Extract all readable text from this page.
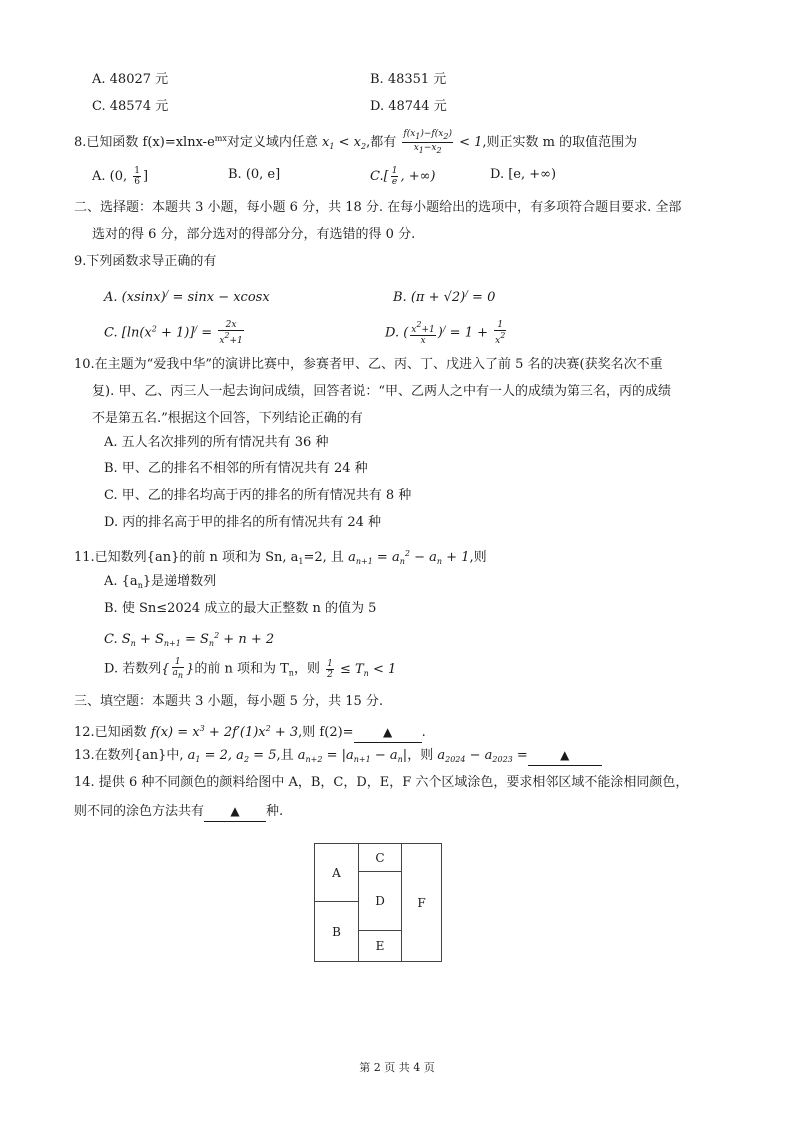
A. 48027 元	B. 48351 元
C. 48574 元	D. 48744 元
8.已知函数 $f(x)=xlnx-e^{mx}$对定义域内任意 $x_1 < x_2$,都有 $\frac{f(x1)-f(x2)}{x1-x2} < 1$,则正实数 m 的取值范围为
A. (0, $\frac{1}{6}$ ]	B. (0, e]	$C.[ \frac{1}{e}$ , +∞)	D. [e, +∞)
二、选择题：本题共 3 小题，每小题 6 分，共 18 分. 在每小题给出的选项中，有多项符合题目要求. 全部
选对的得 6 分，部分选对的得部分分，有选错的得 0 分.
9.下列函数求导正确的有
A. (xsinx)/ = sinx − xcosx	B. (π + √2)/ = 0
C. $[\ln(x^2 + 1)]^/ = \frac{2x}{x2+1}$	D. ( $\frac{x2+1}{x} )^/ = 1 + \frac{1}{x2}$
10.在主题为“爱我中华”的演讲比赛中，参赛者甲、乙、丙、丁、戊进入了前 5 名的决赛(获奖名次不重
复). 甲、乙、丙三人一起去询问成绩，回答者说：“甲、乙两人之中有一人的成绩为第三名，丙的成绩
不是第五名.”根据这个回答，下列结论正确的有
A. 五人名次排列的所有情况共有 36 种
B. 甲、乙的排名不相邻的所有情况共有 24 种
C. 甲、乙的排名均高于丙的排名的所有情况共有 8 种
D. 丙的排名高于甲的排名的所有情况共有 24 种
11.已知数列{an}的前 n 项和为 Sn, $a_1=2$, 且 $a_{n+1} = a_n^2 - a_n + 1$,则
A. $\{a_n\}$是递增数列
B. 使 Sn≤2024 成立的最大正整数 n 的值为 5
C. $S_n + S_{n+1} = S_n^2 + n + 2$
D. 若数列{ $\frac{1}{an}$ }的前 n 项和为 $T_n$，则 $\frac{1}{2} \le T_n < 1$
三、填空题：本题共 3 小题，每小题 5 分，共 15 分.
12.已知函数 $f(x) = x^3 + 2f'(1)x^2 + 3$,则 f(2)= ▲ .
13.在数列{an}中, $a_1 = 2$, $a_2 = 5$,且 $a_{n+2} = |a_{n+1} - a_n|$，则 $a_{2024} - a_{2023}$ =	▲
14. 提供 6 种不同颜色的颜料给图中 A，B，C，D，E，F 六个区域涂色，要求相邻区域不能涂相同颜色，
则不同的涂色方法共有 ▲ 种.
A
B
C
D
E
F
第 2 页 共 4 页
